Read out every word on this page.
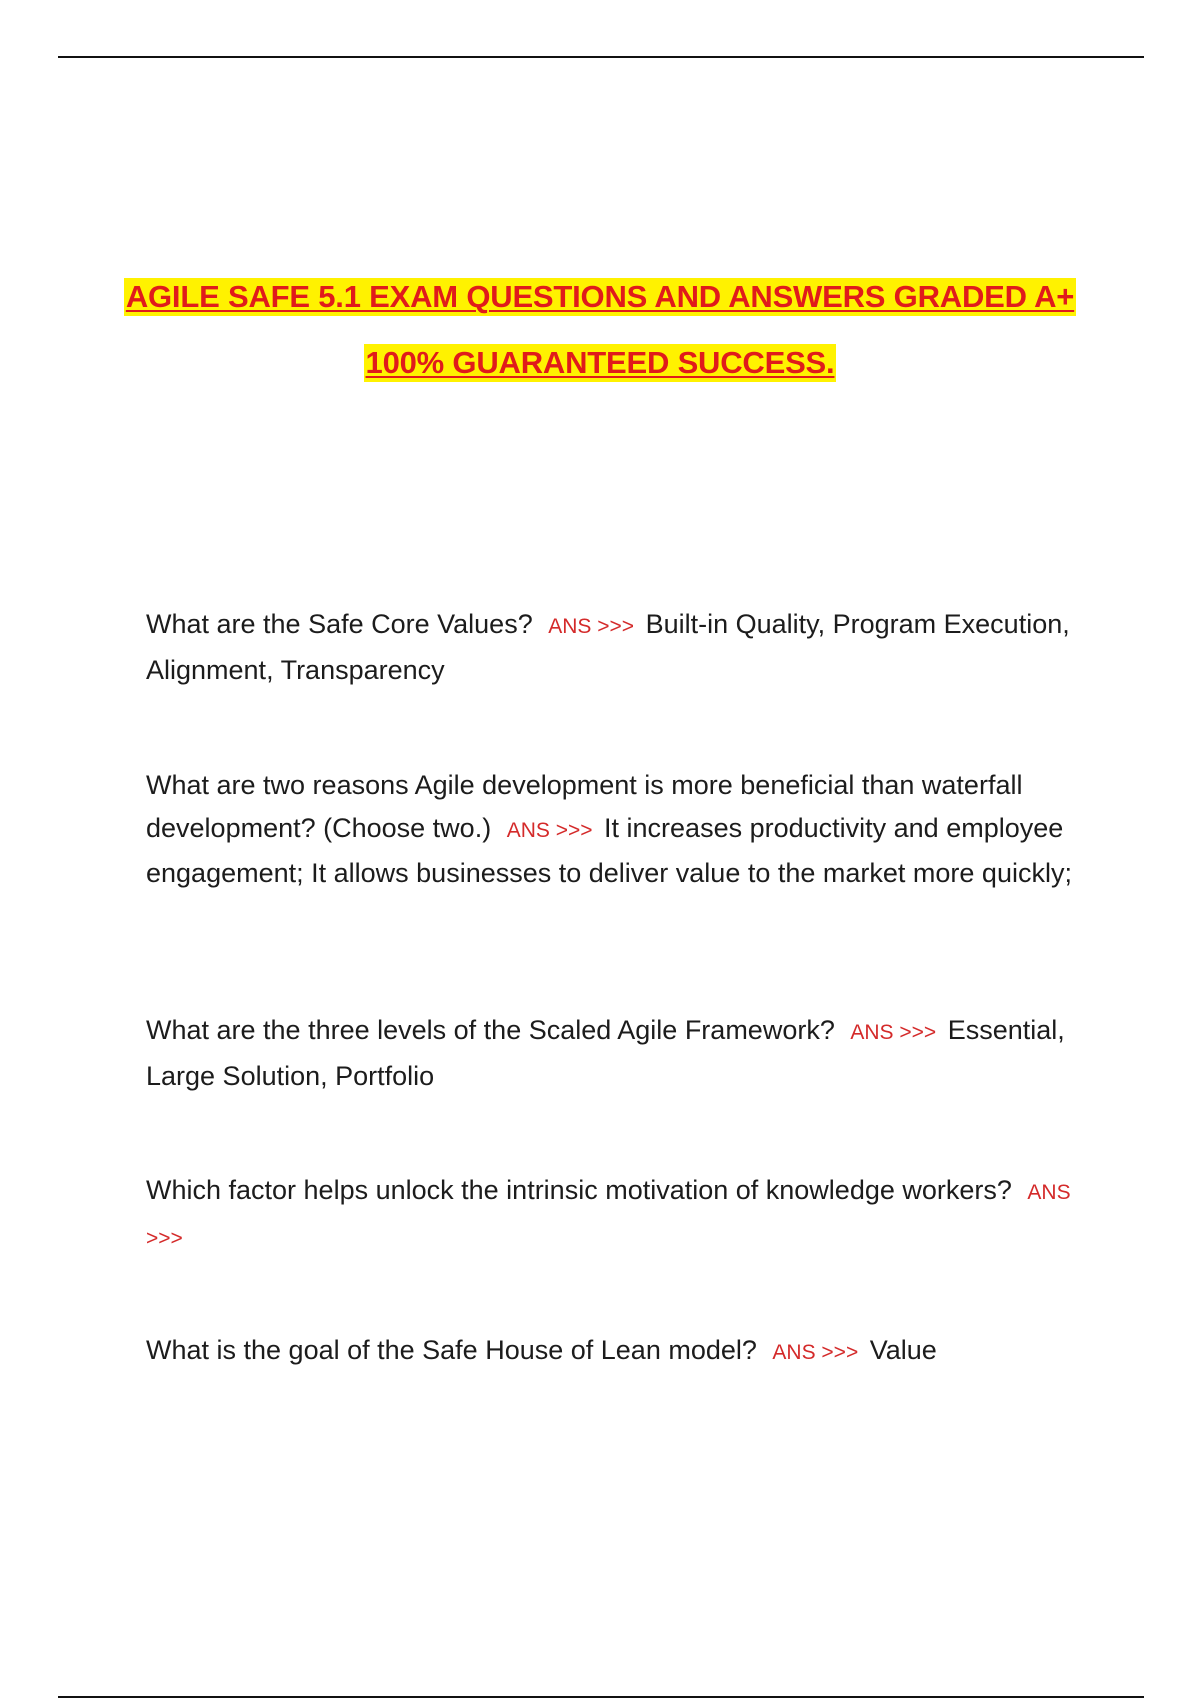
AGILE SAFE 5.1 EXAM QUESTIONS AND ANSWERS GRADED A+
100% GUARANTEED SUCCESS.
What are the Safe Core Values? ANS >>> Built-in Quality, Program Execution, Alignment, Transparency
What are two reasons Agile development is more beneficial than waterfall development? (Choose two.) ANS >>> It increases productivity and employee engagement; It allows businesses to deliver value to the market more quickly;
What are the three levels of the Scaled Agile Framework? ANS >>> Essential, Large Solution, Portfolio
Which factor helps unlock the intrinsic motivation of knowledge workers? ANS >>>
What is the goal of the Safe House of Lean model? ANS >>> Value
